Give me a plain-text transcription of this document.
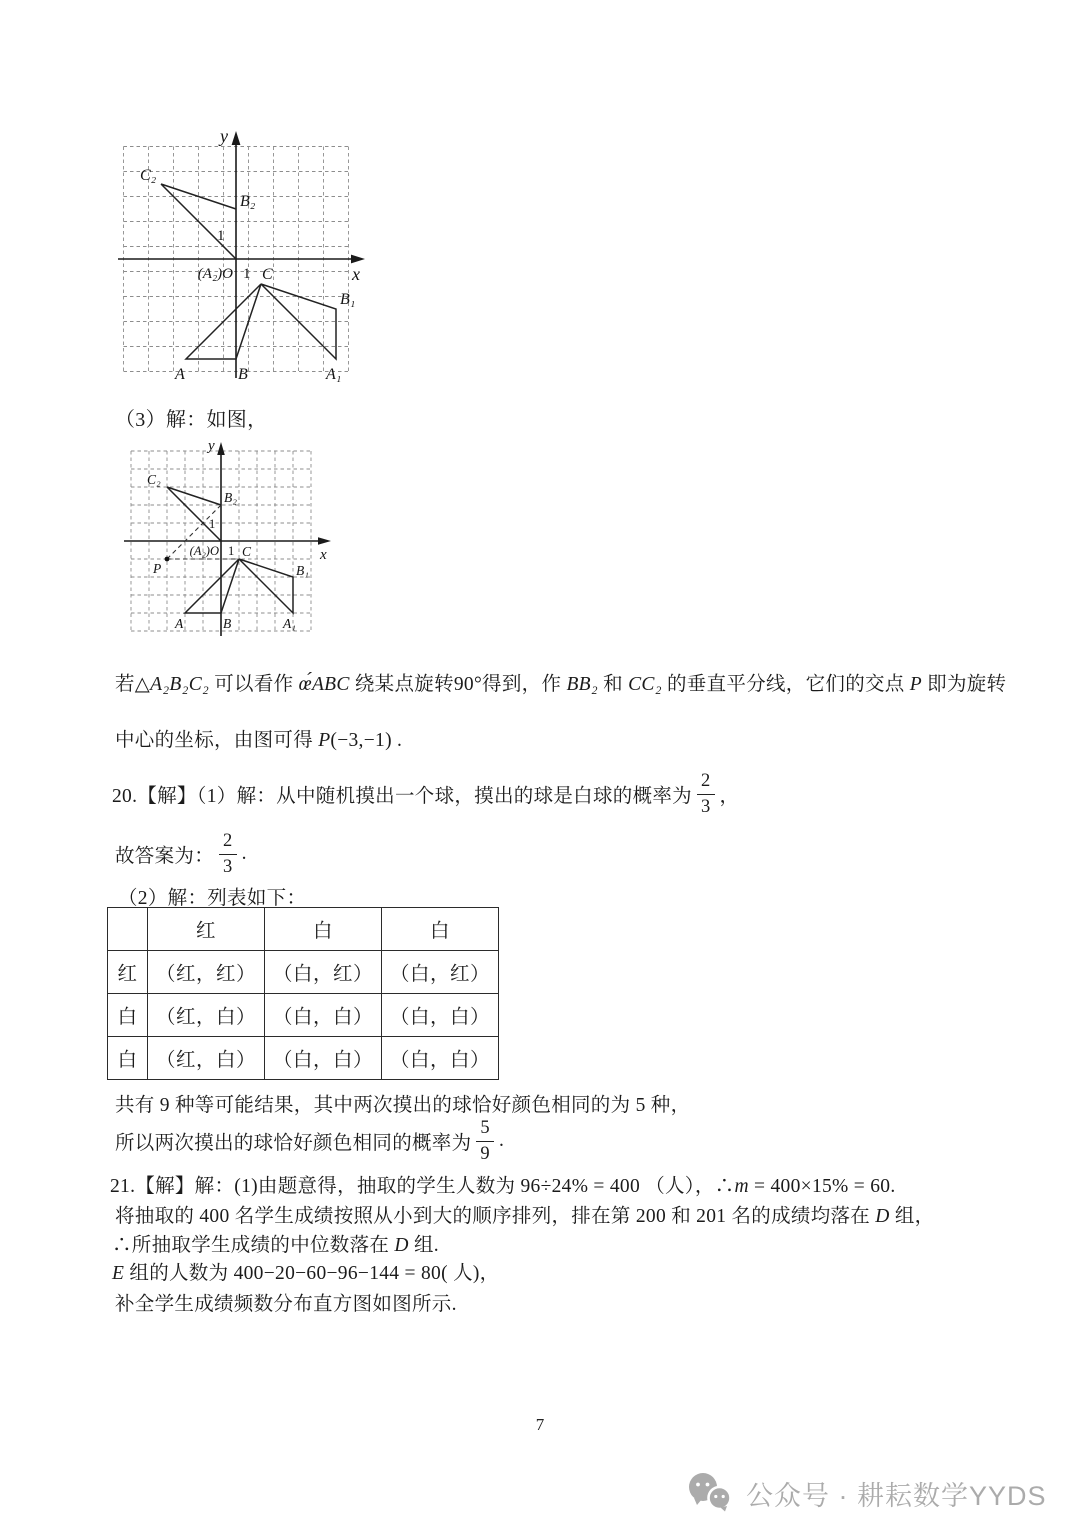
y
x
C₂
B₂
(A₂)O
1
1 C
A	B	A₁
B₁
（3）解：如图，
y
x
C₂
B₂
(A₂)O
1
1 C
P
A	B	A₁
B₁
若△A₂B₂C₂ 可以看作 œ́ABC 绕某点旋转90°得到，作 BB₂ 和 CC₂ 的垂直平分线，它们的交点 P 即为旋转
中心的坐标，由图可得 P(−3,−1) .
20.【解】（1）解：从中随机摸出一个球，摸出的球是白球的概率为 $\frac{2}{3}$ ，
故答案为： $\frac{2}{3}$ .
（2）解：列表如下：
	红	白	白
红	（红，红）	（白，红）	（白，红）
白	（红，白）	（白，白）	（白，白）
白	（红，白）	（白，白）	（白，白）
共有 9 种等可能结果，其中两次摸出的球恰好颜色相同的为 5 种，
所以两次摸出的球恰好颜色相同的概率为 $\frac{5}{9}$ .
21.【解】解：(1)由题意得，抽取的学生人数为 96÷24% = 400 （人），∴m = 400×15% = 60.
将抽取的 400 名学生成绩按照从小到大的顺序排列，排在第 200 和 201 名的成绩均落在 D 组，
∴所抽取学生成绩的中位数落在 D 组.
E 组的人数为 400−20−60−96−144 = 80( 人)，
补全学生成绩频数分布直方图如图所示.
7
公众号 · 耕耘数学YYDS
